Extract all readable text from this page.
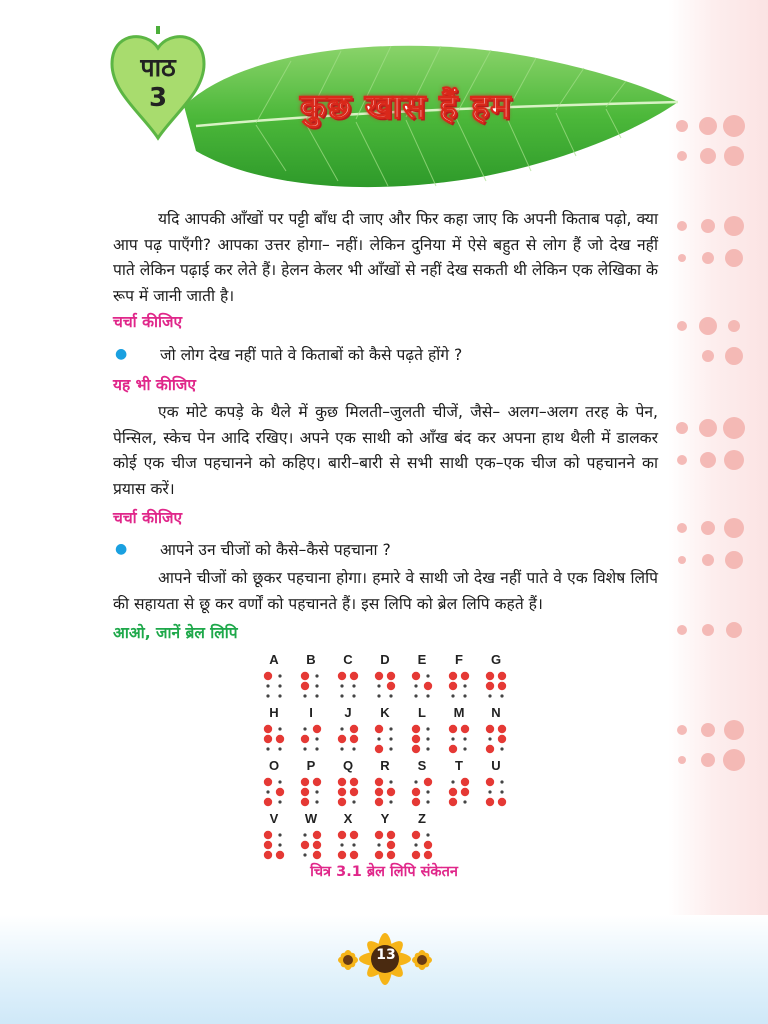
पाठ
3	कुछ खास हैं हम
यदि आपकी आँखों पर पट्टी बाँध दी जाए और फिर कहा जाए कि अपनी किताब पढ़ो, क्या आप पढ़ पाएँगी? आपका उत्तर होगा– नहीं। लेकिन दुनिया में ऐसे बहुत से लोग हैं जो देख नहीं पाते लेकिन पढ़ाई कर लेते हैं। हेलन केलर भी आँखों से नहीं देख सकती थी लेकिन एक लेखिका के रूप में जानी जाती है।
चर्चा कीजिए
●	जो लोग देख नहीं पाते वे किताबों को कैसे पढ़ते होंगे ?
यह भी कीजिए
एक मोटे कपड़े के थैले में कुछ मिलती–जुलती चीजें, जैसे– अलग–अलग तरह के पेन, पेन्सिल, स्केच पेन आदि रखिए। अपने एक साथी को आँख बंद कर अपना हाथ थैली में डालकर कोई एक चीज पहचानने को कहिए। बारी–बारी से सभी साथी एक–एक चीज को पहचानने का प्रयास करें।
चर्चा कीजिए
●	आपने उन चीजों को कैसे–कैसे पहचाना ?
आपने चीजों को छूकर पहचाना होगा। हमारे वे साथी जो देख नहीं पाते वे एक विशेष लिपि की सहायता से छू कर वर्णों को पहचानते हैं। इस लिपि को ब्रेल लिपि कहते हैं।
आओ, जानें ब्रेल लिपि
A B C D E F G
H I J K L M N
O P Q R S T U
V W X Y Z
चित्र 3.1 ब्रेल लिपि संकेतन
13
